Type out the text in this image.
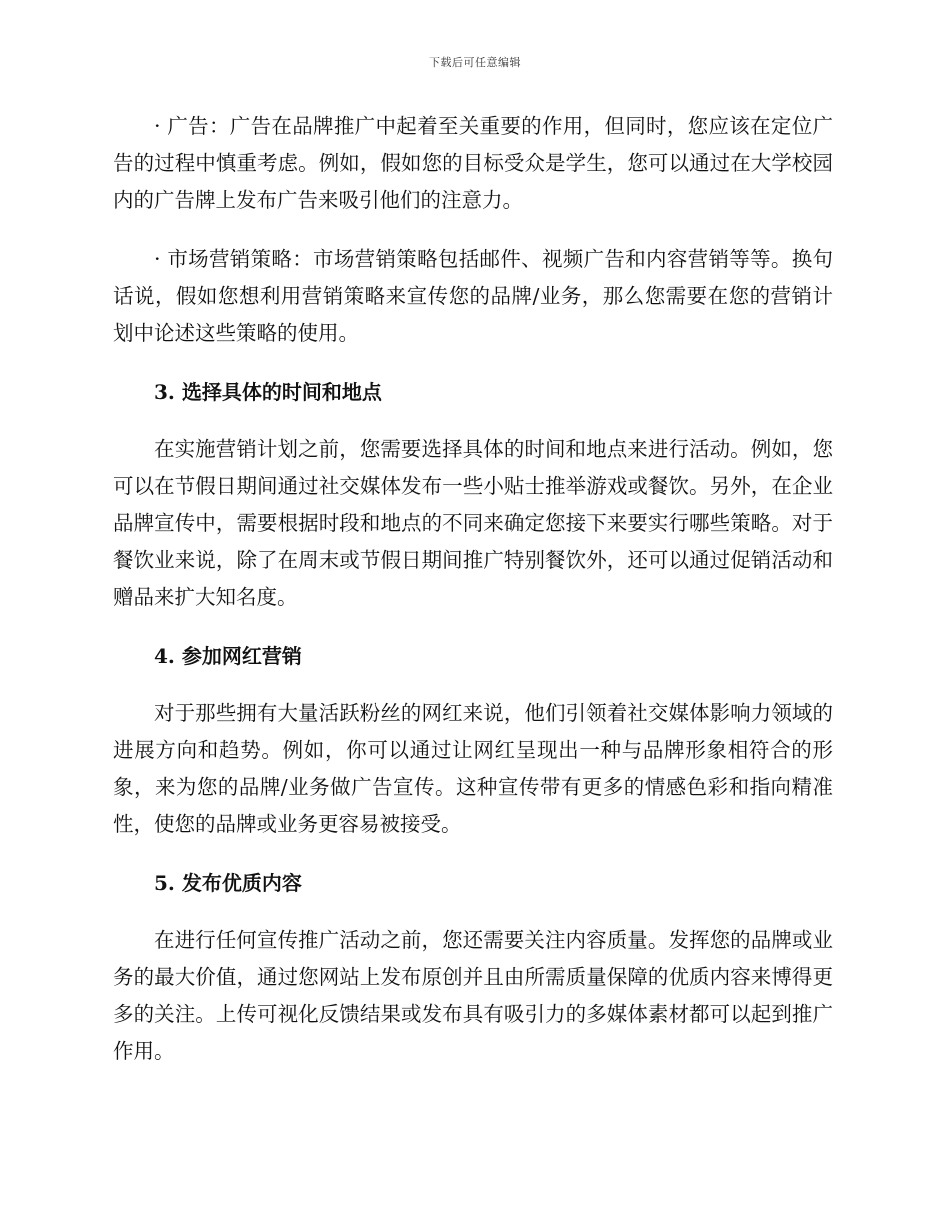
下载后可任意编辑

· 广告：广告在品牌推广中起着至关重要的作用，但同时，您应该在定位广告的过程中慎重考虑。例如，假如您的目标受众是学生，您可以通过在大学校园内的广告牌上发布广告来吸引他们的注意力。

· 市场营销策略：市场营销策略包括邮件、视频广告和内容营销等等。换句话说，假如您想利用营销策略来宣传您的品牌/业务，那么您需要在您的营销计划中论述这些策略的使用。

3. 选择具体的时间和地点

在实施营销计划之前，您需要选择具体的时间和地点来进行活动。例如，您可以在节假日期间通过社交媒体发布一些小贴士推举游戏或餐饮。另外，在企业品牌宣传中，需要根据时段和地点的不同来确定您接下来要实行哪些策略。对于餐饮业来说，除了在周末或节假日期间推广特别餐饮外，还可以通过促销活动和赠品来扩大知名度。

4. 参加网红营销

对于那些拥有大量活跃粉丝的网红来说，他们引领着社交媒体影响力领域的进展方向和趋势。例如，你可以通过让网红呈现出一种与品牌形象相符合的形象，来为您的品牌/业务做广告宣传。这种宣传带有更多的情感色彩和指向精准性，使您的品牌或业务更容易被接受。

5. 发布优质内容

在进行任何宣传推广活动之前，您还需要关注内容质量。发挥您的品牌或业务的最大价值，通过您网站上发布原创并且由所需质量保障的优质内容来博得更多的关注。上传可视化反馈结果或发布具有吸引力的多媒体素材都可以起到推广作用。
